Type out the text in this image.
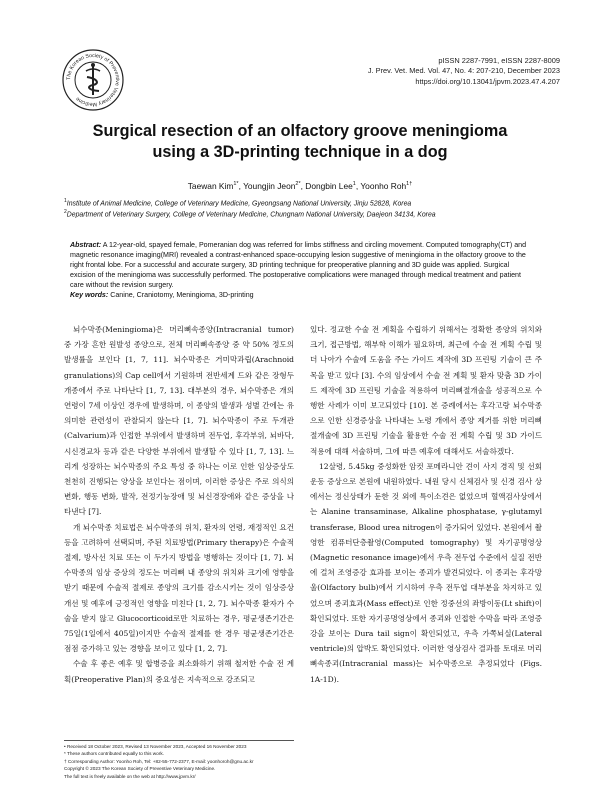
The Korean Society of Preventive Veterinary Medicine
pISSN 2287-7991, eISSN 2287-8009
J. Prev. Vet. Med. Vol. 47, No. 4: 207-210, December 2023
https://doi.org/10.13041/jpvm.2023.47.4.207
Surgical resection of an olfactory groove meningioma
using a 3D-printing technique in a dog
Taewan Kim$^{1*}$, Youngjin Jeon$^{2*}$, Dongbin Lee$^1$, Yoonho Roh$^{1\dagger}$
$^1$Institute of Animal Medicine, College of Veterinary Medicine, Gyeongsang National University, Jinju 52828, Korea
$^2$Department of Veterinary Surgery, College of Veterinary Medicine, Chungnam National University, Daejeon 34134, Korea
Abstract: A 12-year-old, spayed female, Pomeranian dog was referred for limbs stiffness and circling movement. Computed tomography(CT) and magnetic resonance imaging(MRI) revealed a contrast-enhanced space-occupying lesion suggestive of meningioma in the olfactory groove to the right frontal lobe. For a successful and accurate surgery, 3D printing technique for preoperative planning and 3D guide was applied. Surgical excision of the meningioma was successfully performed. The postoperative complications were managed through medical treatment and patient care without the revision surgery.
Key words: Canine, Craniotomy, Meningioma, 3D-printing

뇌수막종(Meningioma)은 머리뼈속종양(Intracranial tumor) 중 가장 흔한 원발성 종양으로, 전체 머리뼈속종양 중 약 50% 정도의 발생률을 보인다 [1, 7, 11]. 뇌수막종은 거미막과립(Arachnoid granulations)의 Cap cell에서 기원하며 전반세계 드와 같은 장형두개종에서 주로 나타난다 [1, 7, 13]. 대부분의 경우, 뇌수막종은 개의 연령이 7세 이상인 경우에 발생하며, 이 종양의 발생과 성별 간에는 유의미한 관련성이 관찰되지 않는다 [1, 7]. 뇌수막종이 주로 두개관(Calvarium)과 인접한 부위에서 발생하며 전두엽, 후각부위, 뇌바닥, 시신경교차 등과 같은 다양한 부위에서 발생할 수 있다 [1, 7, 13]. 느리게 성장하는 뇌수막종의 주요 특성 중 하나는 이로 인한 임상증상도 천천히 진행되는 양상을 보인다는 점이며, 이러한 증상은 주로 의식의 변화, 행동 변화, 발작, 전정기능장애 및 뇌신경장애와 같은 증상을 나타낸다 [7].

개 뇌수막종 치료법은 뇌수막종의 위치, 환자의 연령, 재정적인 요건 등을 고려하여 선택되며, 주된 치료방법(Primary therapy)은 수술적 절제, 방사선 치료 또는 이 두가지 방법을 병행하는 것이다 [1, 7]. 뇌수막종의 임상 증상의 정도는 머리뼈 내 종양의 위치와 크기에 영향을 받기 때문에 수술적 절제로 종양의 크기를 감소시키는 것이 임상증상 개선 및 예후에 긍정적인 영향을 미친다 [1, 2, 7]. 뇌수막종 환자가 수술을 받지 않고 Glucocorticoid로만 치료하는 경우, 평균생존기간은 75일(1일에서 405일)이지만 수술적 절제를 한 경우 평균생존기간은 점점 증가하고 있는 경향을 보이고 있다 [1, 2, 7].

수술 후 좋은 예후 및 합병증을 최소화하기 위해 철저한 수술 전 계획(Preoperative Plan)의 중요성은 지속적으로 강조되고

있다. 정교한 수술 전 계획을 수립하기 위해서는 정확한 종양의 위치와 크기, 접근방법, 해부학 이해가 필요하며, 최근에 수술 전 계획 수립 및 더 나아가 수술에 도움을 주는 가이드 제작에 3D 프린팅 기술이 큰 주목을 받고 있다 [3]. 수의 임상에서 수술 전 계획 및 환자 맞춤 3D 가이드 제작에 3D 프린팅 기술을 적용하여 머리뼈절개술을 성공적으로 수행한 사례가 이미 보고되었다 [10]. 본 증례에서는 후각고랑 뇌수막종으로 인한 신경증상을 나타내는 노령 개에서 종양 제거를 위한 머리뼈절개술에 3D 프린팅 기술을 활용한 수술 전 계획 수립 및 3D 가이드 적용에 대해 서술하며, 그에 따른 예후에 대해서도 서술하겠다.

12살령, 5.45kg 중성화한 암컷 포메라니안 견이 사지 경직 및 선회운동 증상으로 본원에 내원하였다. 내원 당시 신체검사 및 신경 검사 상에서는 정신상태가 둔한 것 외에 특이소견은 없었으며 혈액검사상에서는 Alanine transaminase, Alkaline phosphatase, γ-glutamyl transferase, Blood urea nitrogen이 증가되어 있었다. 본원에서 촬영한 컴퓨터단층촬영(Computed tomography) 및 자기공명영상(Magnetic resonance image)에서 우측 전두엽 수준에서 실질 전반에 걸쳐 조영증강 효과를 보이는 종괴가 발견되었다. 이 종괴는 후각망울(Olfactory bulb)에서 기시하여 우측 전두엽 대부분을 차지하고 있었으며 종괴효과(Mass effect)로 인한 정중선의 좌방이동(Lt shift)이 확인되었다. 또한 자기공명영상에서 종괴와 인접한 수막을 따라 조영증강을 보이는 Dura tail sign이 확인되었고, 우측 가쪽뇌실(Lateral ventricle)의 압박도 확인되었다. 이러한 영상검사 결과를 토대로 머리뼈속종괴(Intracranial mass)는 뇌수막종으로 추정되었다 (Figs. 1A-1D).

• Received 18 October 2023, Revised 13 November 2023, Accepted 16 November 2023
* These authors contributed equally to this work.
† Corresponding Author: Yoonho Roh, Tel: +82-55-772-2377, E-mail: yoonhoroh@gnu.ac.kr
Copyright © 2023 The Korean Society of Preventive Veterinary Medicine.
The full text is freely available on the web at http://www.jpvm.kr/
